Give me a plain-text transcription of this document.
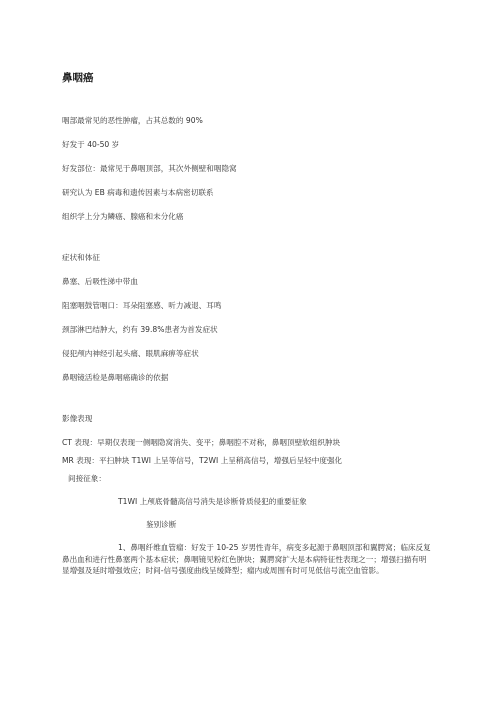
鼻咽癌

咽部最常见的恶性肿瘤，占其总数的 90%

好发于 40-50 岁

好发部位：最常见于鼻咽顶部，其次外侧壁和咽隐窝

研究认为 EB 病毒和遗传因素与本病密切联系

组织学上分为鳞癌、腺癌和未分化癌

症状和体征

鼻塞、后吸性涕中带血

阻塞咽鼓管咽口：耳朵阻塞感、听力减退、耳鸣

颈部淋巴结肿大，约有 39.8%患者为首发症状

侵犯颅内神经引起头痛、眼肌麻痹等症状

鼻咽镜活检是鼻咽癌确诊的依据

影像表现

CT 表现：早期仅表现一侧咽隐窝消失、变平；鼻咽腔不对称，鼻咽顶壁软组织肿块

MR 表现：平扫肿块 T1WI 上呈等信号，T2WI 上呈稍高信号，增强后呈轻中度强化

间接征象：

T1WI 上颅底骨髓高信号消失是诊断骨质侵犯的重要征象

鉴别诊断

1、鼻咽纤维血管瘤：好发于 10-25 岁男性青年，病变多起源于鼻咽顶部和翼腭窝；临床反复鼻出血和进行性鼻塞两个基本症状；鼻咽镜见粉红色肿块；翼腭窝扩大是本病特征性表现之一；增强扫描有明显增强及延时增强效应；时间-信号强度曲线呈缓降型；瘤内或周围有时可见低信号流空血管影。
